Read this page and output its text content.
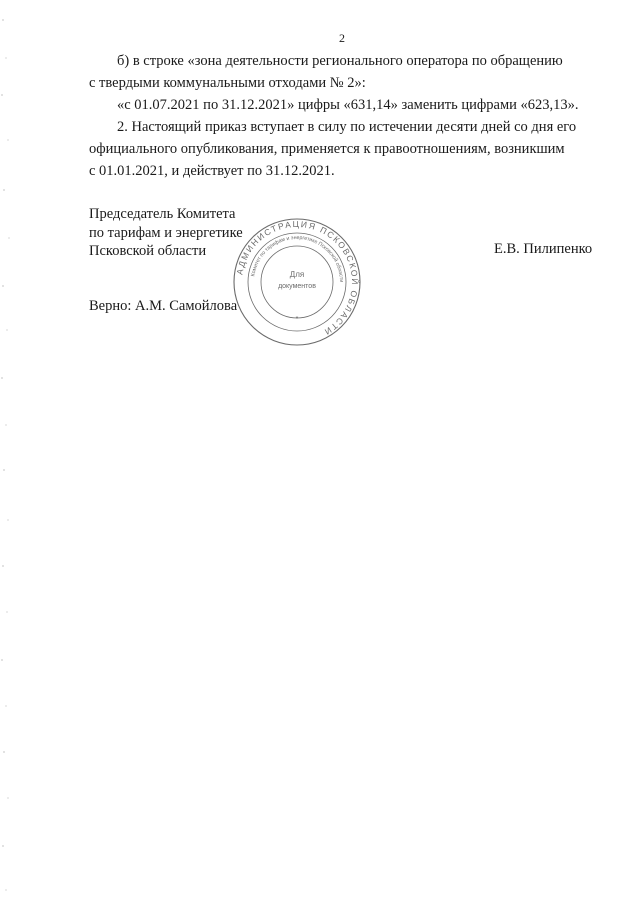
2
б) в строке «зона деятельности регионального оператора по обращению
с твердыми коммунальными отходами № 2»:
«с 01.07.2021 по 31.12.2021» цифры «631,14» заменить цифрами «623,13».
2. Настоящий приказ вступает в силу по истечении десяти дней со дня его
официального опубликования, применяется к правоотношениям, возникшим
с 01.01.2021, и действует по 31.12.2021.
Председатель Комитета
по тарифам и энергетике
Псковской области	Е.В. Пилипенко
Верно: А.М. Самойлова
АДМИНИСТРАЦИЯ ПСКОВСКОЙ ОБЛАСТИ
Комитет по тарифам и энергетике Псковской области
Для
документов
*
